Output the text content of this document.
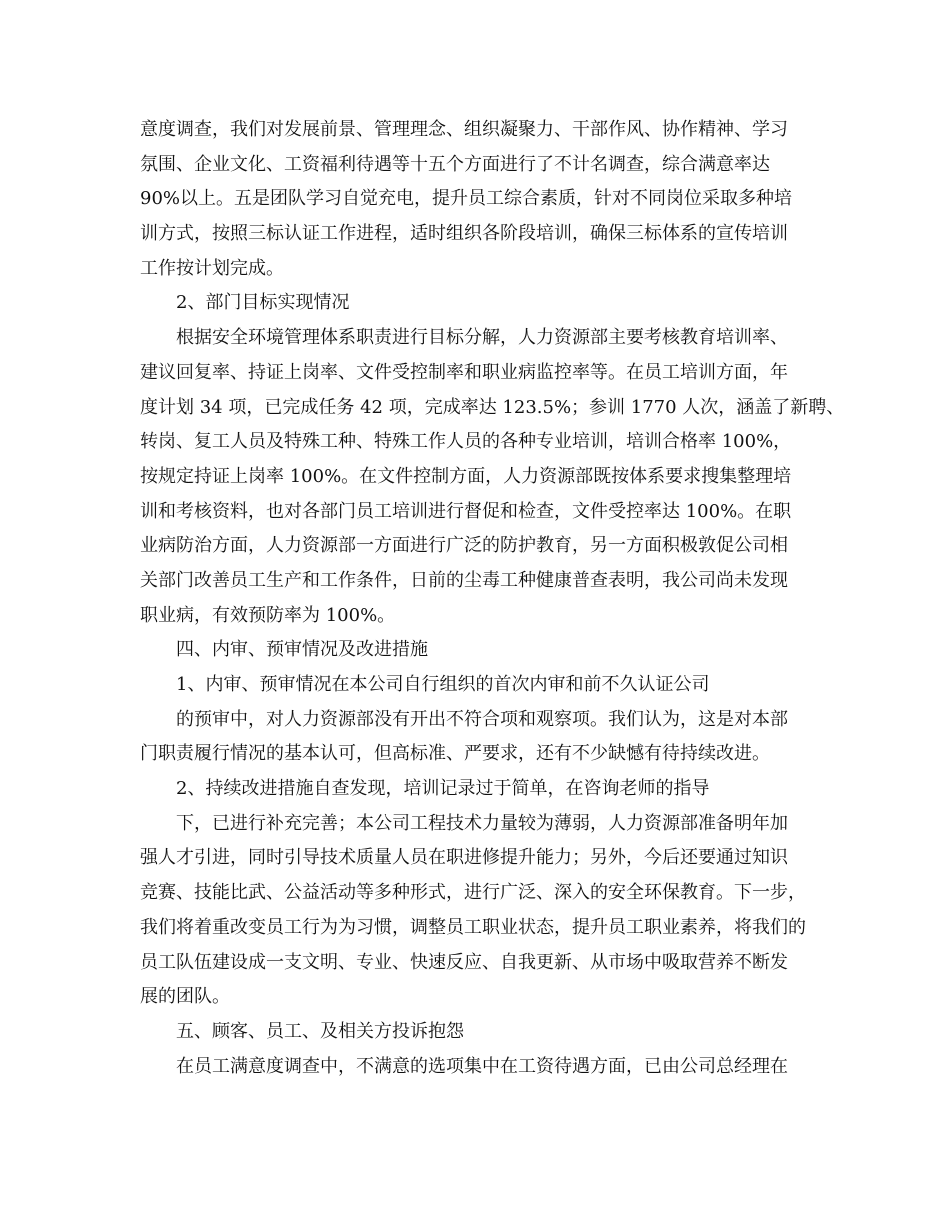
意度调查，我们对发展前景、管理理念、组织凝聚力、干部作风、协作精神、学习
氛围、企业文化、工资福利待遇等十五个方面进行了不计名调查，综合满意率达
90%以上。五是团队学习自觉充电，提升员工综合素质，针对不同岗位采取多种培
训方式，按照三标认证工作进程，适时组织各阶段培训，确保三标体系的宣传培训
工作按计划完成。
2、部门目标实现情况
根据安全环境管理体系职责进行目标分解，人力资源部主要考核教育培训率、
建议回复率、持证上岗率、文件受控制率和职业病监控率等。在员工培训方面，年
度计划 34 项，已完成任务 42 项，完成率达 123.5%；参训 1770 人次，涵盖了新聘、
转岗、复工人员及特殊工种、特殊工作人员的各种专业培训，培训合格率 100%，
按规定持证上岗率 100%。在文件控制方面，人力资源部既按体系要求搜集整理培
训和考核资料，也对各部门员工培训进行督促和检查，文件受控率达 100%。在职
业病防治方面，人力资源部一方面进行广泛的防护教育，另一方面积极敦促公司相
关部门改善员工生产和工作条件，日前的尘毒工种健康普查表明，我公司尚未发现
职业病，有效预防率为 100%。
四、内审、预审情况及改进措施
1、内审、预审情况在本公司自行组织的首次内审和前不久认证公司
的预审中，对人力资源部没有开出不符合项和观察项。我们认为，这是对本部
门职责履行情况的基本认可，但高标准、严要求，还有不少缺憾有待持续改进。
2、持续改进措施自查发现，培训记录过于简单，在咨询老师的指导
下，已进行补充完善；本公司工程技术力量较为薄弱，人力资源部准备明年加
强人才引进，同时引导技术质量人员在职进修提升能力；另外，今后还要通过知识
竞赛、技能比武、公益活动等多种形式，进行广泛、深入的安全环保教育。下一步，
我们将着重改变员工行为为习惯，调整员工职业状态，提升员工职业素养，将我们的
员工队伍建设成一支文明、专业、快速反应、自我更新、从市场中吸取营养不断发
展的团队。
五、顾客、员工、及相关方投诉抱怨
在员工满意度调查中，不满意的选项集中在工资待遇方面，已由公司总经理在
